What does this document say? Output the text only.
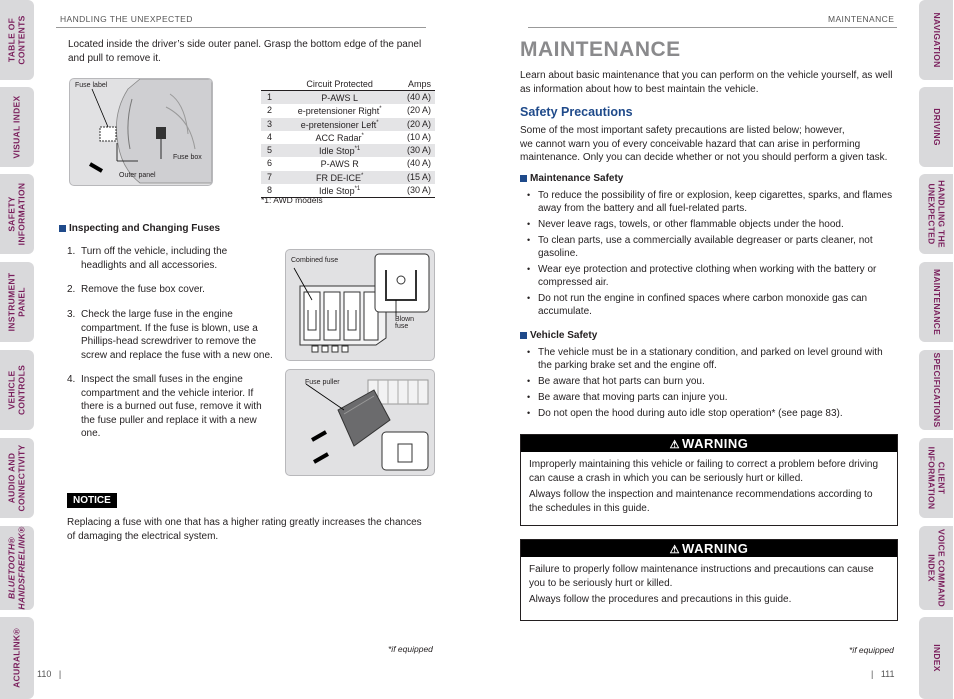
TABLE OF
CONTENTS
VISUAL INDEX
SAFETY
INFORMATION
INSTRUMENT
PANEL
VEHICLE
CONTROLS
AUDIO AND
CONNECTIVITY
BLUETOOTH®
HANDSFREELINK®
ACURALINK®
NAVIGATION
DRIVING
HANDLING THE
UNEXPECTED
MAINTENANCE
SPECIFICATIONS
CLIENT
INFORMATION
VOICE COMMAND
INDEX
INDEX
HANDLING THE UNEXPECTED
Located inside the driver’s side outer panel. Grasp the bottom edge of the panel and pull to remove it.
Fuse label
Fuse box
Outer panel
	Circuit Protected	Amps
1	P-AWS L	(40 A)
2	e-pretensioner Right*	(20 A)
3	e-pretensioner Left*	(20 A)
4	ACC Radar*	(10 A)
5	Idle Stop$^{*1}$	(30 A)
6	P-AWS R	(40 A)
7	FR DE-ICE*	(15 A)
8	Idle Stop$^{*1}$	(30 A)
*1: AWD models
Inspecting and Changing Fuses
1. Turn off the vehicle, including the
headlights and all accessories.
2. Remove the fuse box cover.
3. Check the large fuse in the engine
compartment. If the fuse is blown, use a
Phillips-head screwdriver to remove the
screw and replace the fuse with a new one.
4. Inspect the small fuses in the engine
compartment and the vehicle interior. If
there is a burned out fuse, remove it with
the fuse puller and replace it with a new
one.
Combined fuse
Blown
fuse
Fuse puller
NOTICE
Replacing a fuse with one that has a higher rating greatly increases the chances of damaging the electrical system.
*if equipped
110   |
MAINTENANCE
MAINTENANCE
Learn about basic maintenance that you can perform on the vehicle yourself, as well as information about how to best maintain the vehicle.
Safety Precautions
Some of the most important safety precautions are listed below; however,
we cannot warn you of every conceivable hazard that can arise in performing
maintenance. Only you can decide whether or not you should perform a given task.
Maintenance Safety
• To reduce the possibility of fire or explosion, keep cigarettes, sparks, and flames away from the battery and all fuel-related parts.
• Never leave rags, towels, or other flammable objects under the hood.
• To clean parts, use a commercially available degreaser or parts cleaner, not gasoline.
• Wear eye protection and protective clothing when working with the battery or compressed air.
• Do not run the engine in confined spaces where carbon monoxide gas can accumulate.
Vehicle Safety
• The vehicle must be in a stationary condition, and parked on level ground with the parking brake set and the engine off.
• Be aware that hot parts can burn you.
• Be aware that moving parts can injure you.
• Do not open the hood during auto idle stop operation* (see page 83).
⚠ WARNING

Improperly maintaining this vehicle or failing to correct a problem before driving can cause a crash in which you can be seriously hurt or killed.

Always follow the inspection and maintenance recommendations according to the schedules in this guide.

⚠ WARNING

Failure to properly follow maintenance instructions and precautions can cause you to be seriously hurt or killed.

Always follow the procedures and precautions in this guide.

*if equipped
|   111
